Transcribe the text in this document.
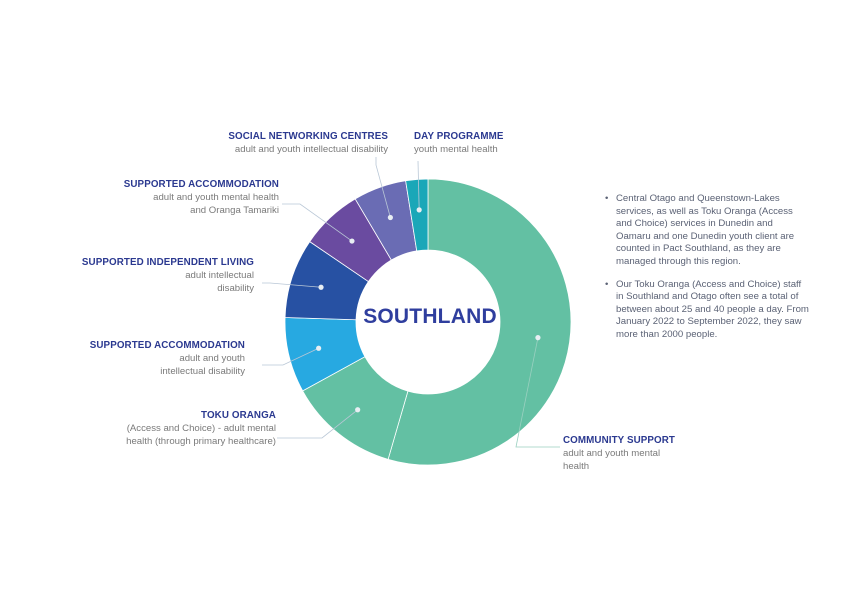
SOUTHLAND
DAY PROGRAMME
youth mental health
SOCIAL NETWORKING CENTRES
adult and youth intellectual disability
SUPPORTED ACCOMMODATION
adult and youth mental health
and Oranga Tamariki
SUPPORTED INDEPENDENT LIVING
adult intellectual
disability
SUPPORTED ACCOMMODATION
adult and youth
intellectual disability
TOKU ORANGA
(Access and Choice) - adult mental
health (through primary healthcare)	COMMUNITY SUPPORT
adult and youth mental
health
• Central Otago and Queenstown-Lakes services, as well as Toku Oranga (Access and Choice) services in Dunedin and Oamaru and one Dunedin youth client are counted in Pact Southland, as they are managed through this region.
• Our Toku Oranga (Access and Choice) staff in Southland and Otago often see a total of between about 25 and 40 people a day. From January 2022 to September 2022, they saw more than 2000 people.
